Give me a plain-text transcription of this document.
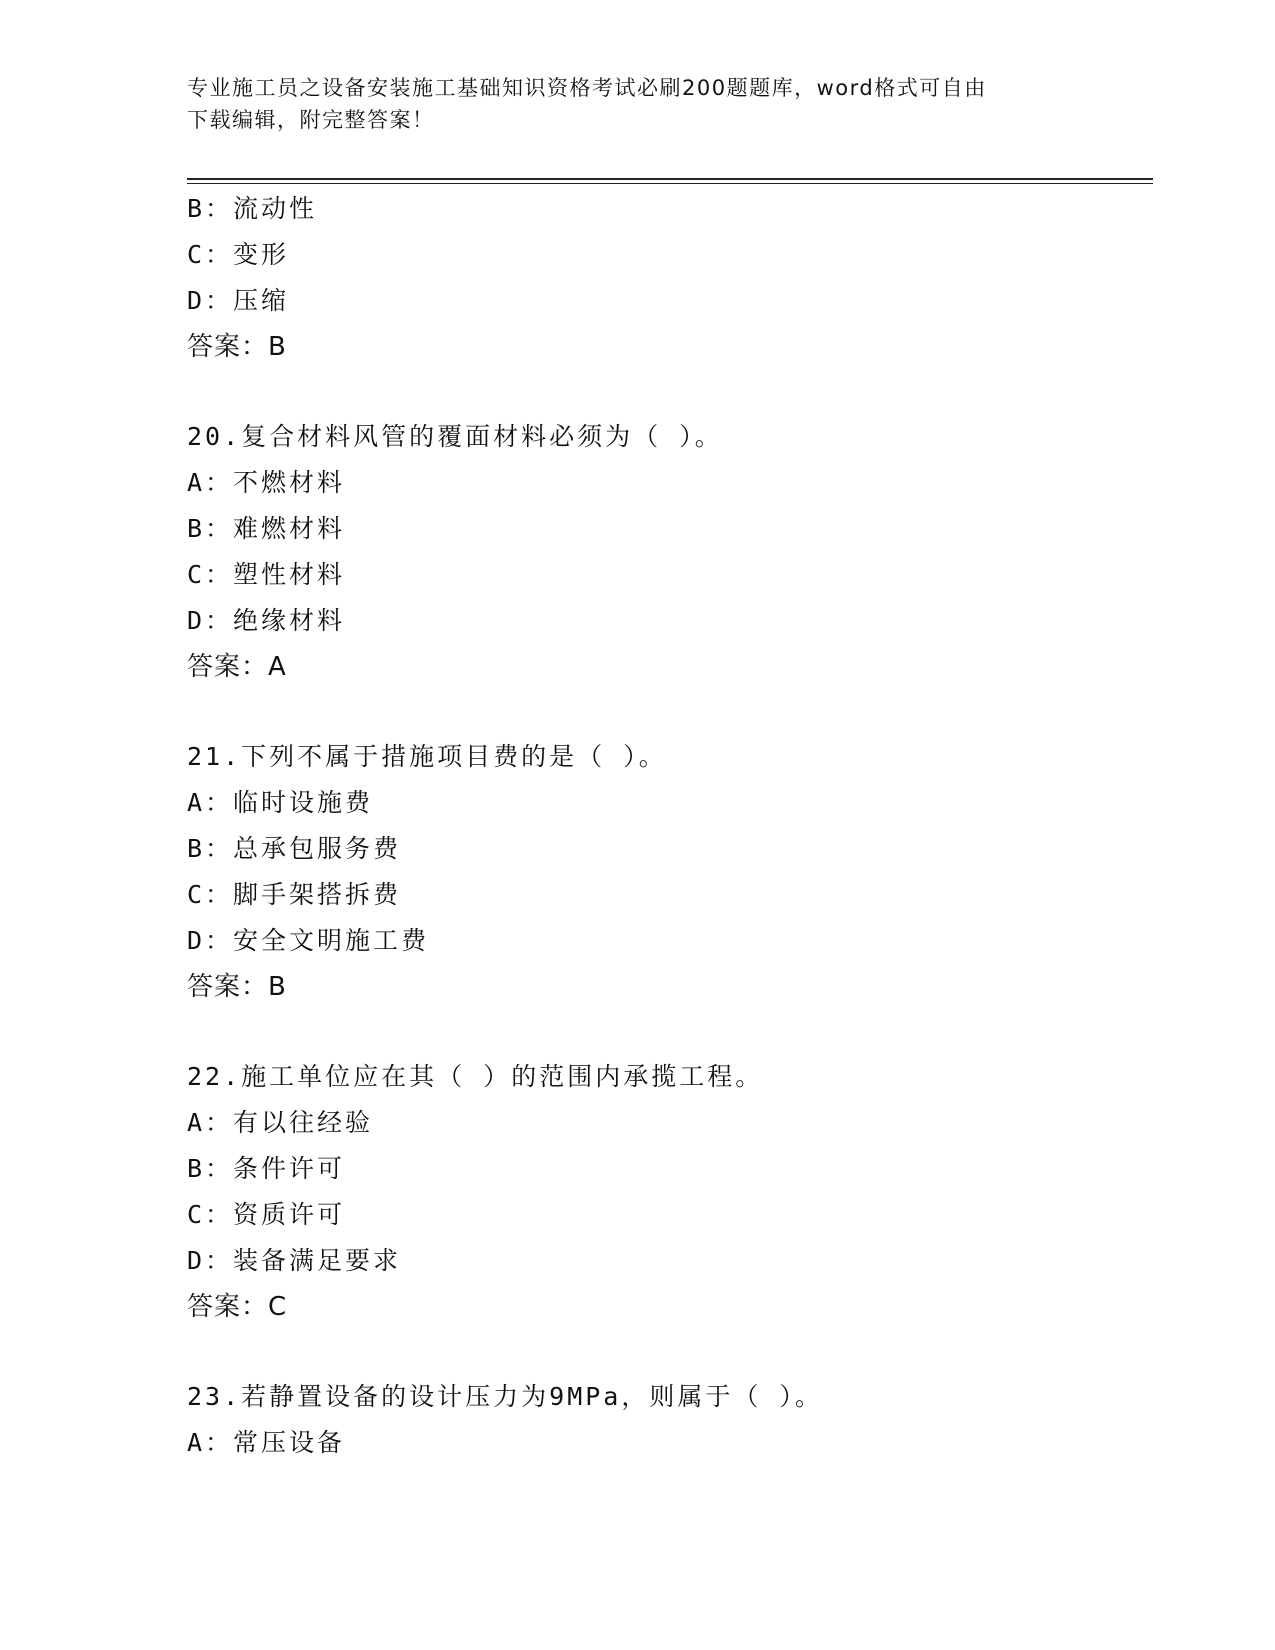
专业施工员之设备安装施工基础知识资格考试必刷200题题库，word格式可自由
下载编辑，附完整答案！
B：流动性
C：变形
D：压缩
答案：B
20.复合材料风管的覆面材料必须为（ ）。
A：不燃材料
B：难燃材料
C：塑性材料
D：绝缘材料
答案：A
21.下列不属于措施项目费的是（ ）。
A：临时设施费
B：总承包服务费
C：脚手架搭拆费
D：安全文明施工费
答案：B
22.施工单位应在其（ ）的范围内承揽工程。
A：有以往经验
B：条件许可
C：资质许可
D：装备满足要求
答案：C
23.若静置设备的设计压力为9MPa，则属于（ ）。
A：常压设备
